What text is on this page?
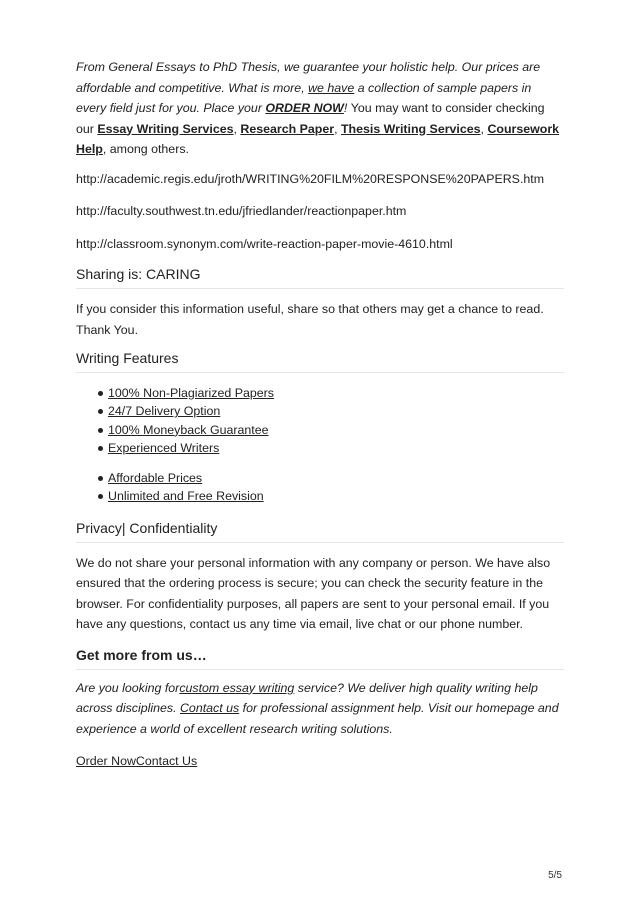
From General Essays to PhD Thesis, we guarantee your holistic help. Our prices are affordable and competitive. What is more, we have a collection of sample papers in every field just for you. Place your ORDER NOW! You may want to consider checking our Essay Writing Services, Research Paper, Thesis Writing Services, Coursework Help, among others.

http://academic.regis.edu/jroth/WRITING%20FILM%20RESPONSE%20PAPERS.htm

http://faculty.southwest.tn.edu/jfriedlander/reactionpaper.htm

http://classroom.synonym.com/write-reaction-paper-movie-4610.html

Sharing is: CARING

If you consider this information useful, share so that others may get a chance to read. Thank You.

Writing Features
100% Non-Plagiarized Papers
24/7 Delivery Option
100% Moneyback Guarantee
Experienced Writers
Affordable Prices
Unlimited and Free Revision
Privacy| Confidentiality

We do not share your personal information with any company or person. We have also ensured that the ordering process is secure; you can check the security feature in the browser. For confidentiality purposes, all papers are sent to your personal email. If you have any questions, contact us any time via email, live chat or our phone number.

Get more from us…

Are you looking forcustom essay writing service? We deliver high quality writing help across disciplines. Contact us for professional assignment help. Visit our homepage and experience a world of excellent research writing solutions.

Order NowContact Us

5/5
